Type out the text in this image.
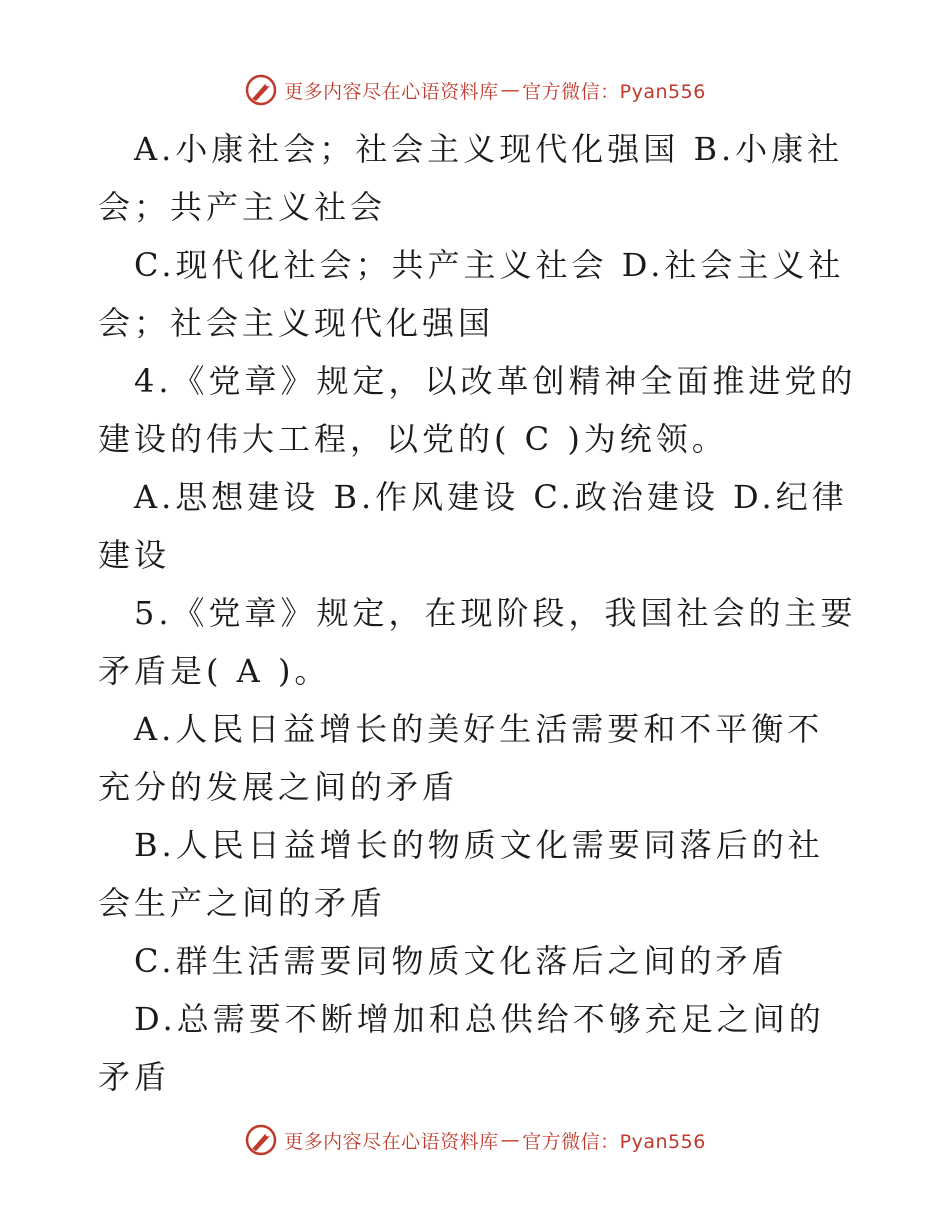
更多内容尽在心语资料库 — 官方微信：Pyan556

A.小康社会；社会主义现代化强国 B.小康社会；共产主义社会

C.现代化社会；共产主义社会 D.社会主义社会；社会主义现代化强国

4.《党章》规定，以改革创精神全面推进党的建设的伟大工程，以党的( C )为统领。

A.思想建设 B.作风建设 C.政治建设 D.纪律建设

5.《党章》规定，在现阶段，我国社会的主要矛盾是( A )。

A.人民日益增长的美好生活需要和不平衡不充分的发展之间的矛盾

B.人民日益增长的物质文化需要同落后的社会生产之间的矛盾

C.群生活需要同物质文化落后之间的矛盾

D.总需要不断增加和总供给不够充足之间的矛盾

更多内容尽在心语资料库 — 官方微信：Pyan556
